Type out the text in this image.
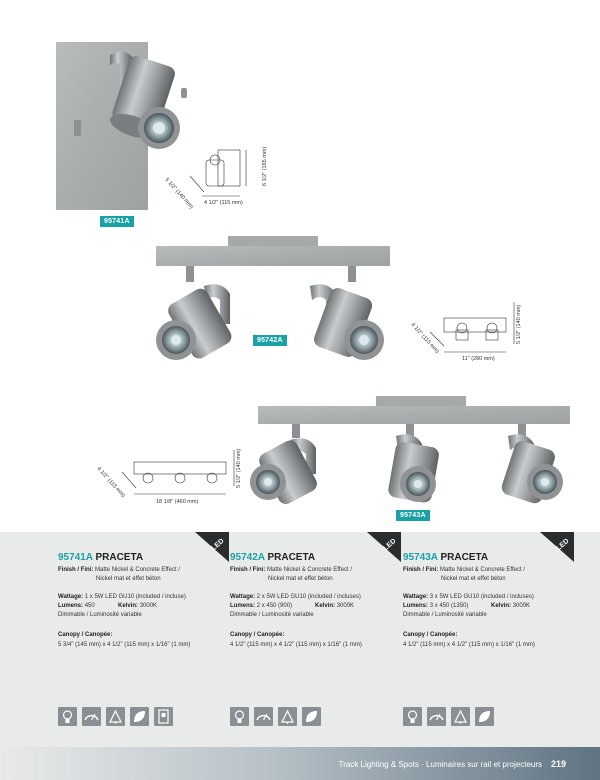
5 1/2" (140 mm)
6 1/2" (165 mm)
4 1/2" (115 mm)
95741A
4 1/2" (115 mm)	5 1/2" (140 mm)
11" (280 mm)
95742A
4 1/2" (115 mm)	5 1/2" (140 mm)
18 1/8" (460 mm)
95743A
LED
95741A PRACETA
Finish / Fini: Matte Nickel & Concrete Effect /
Nickel mat et effet béton
Wattage: 1 x 5W LED GU10 (included / incluse)
Lumens: 450	Kelvin: 3000K
Dimmable / Luminosité variable
Canopy / Canopée:
5 3/4" (145 mm) x 4 1/2" (115 mm) x 1/16" (1 mm)
LED
95742A PRACETA
Finish / Fini: Matte Nickel & Concrete Effect /
Nickel mat et effet béton
Wattage: 2 x 5W LED GU10 (included / incluses)
Lumens: 2 x 450 (900)	Kelvin: 3000K
Dimmable / Luminosité variable
Canopy / Canopée:
4 1/2" (115 mm) x 4 1/2" (115 mm) x 1/16" (1 mm)
LED
95743A PRACETA
Finish / Fini: Matte Nickel & Concrete Effect /
Nickel mat et effet béton
Wattage: 3 x 5W LED GU10 (included / incluses)
Lumens: 3 x 450 (1350)	Kelvin: 3000K
Dimmable / Luminosité variable
Canopy / Canopée:
4 1/2" (115 mm) x 4 1/2" (115 mm) x 1/16" (1 mm)
Track Lighting & Spots · Luminaires sur rail et projecteurs 219
